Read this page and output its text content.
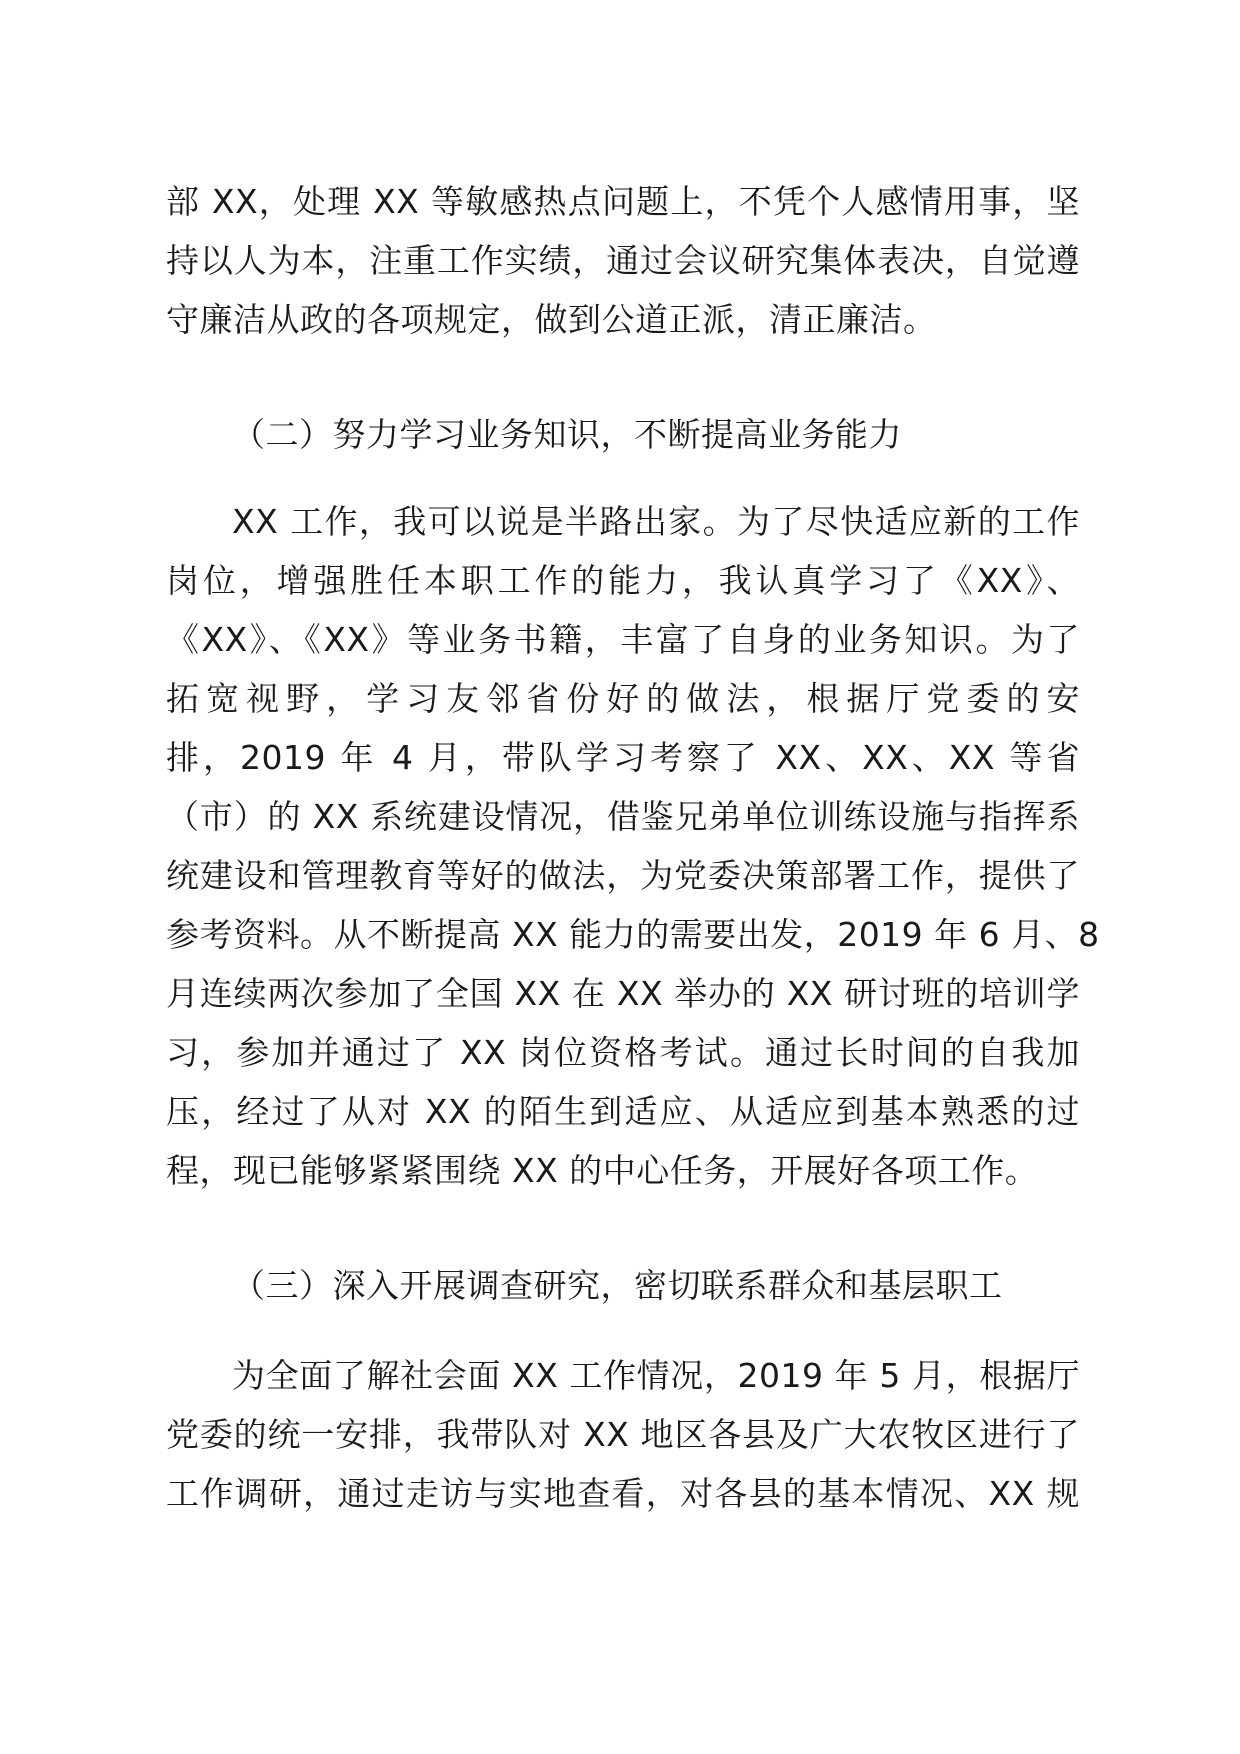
部 XX，处理 XX 等敏感热点问题上，不凭个人感情用事，坚
持以人为本，注重工作实绩，通过会议研究集体表决，自觉遵
守廉洁从政的各项规定，做到公道正派，清正廉洁。
（二）努力学习业务知识，不断提高业务能力
XX 工作，我可以说是半路出家。为了尽快适应新的工作
岗位，增强胜任本职工作的能力，我认真学习了《XX》、
《XX》、《XX》等业务书籍，丰富了自身的业务知识。为了
拓宽视野，学习友邻省份好的做法，根据厅党委的安
排，2019 年 4 月，带队学习考察了 XX、XX、XX 等省
（市）的 XX 系统建设情况，借鉴兄弟单位训练设施与指挥系
统建设和管理教育等好的做法，为党委决策部署工作，提供了
参考资料。从不断提高 XX 能力的需要出发，2019 年 6 月、8
月连续两次参加了全国 XX 在 XX 举办的 XX 研讨班的培训学
习，参加并通过了 XX 岗位资格考试。通过长时间的自我加
压，经过了从对 XX 的陌生到适应、从适应到基本熟悉的过
程，现已能够紧紧围绕 XX 的中心任务，开展好各项工作。
（三）深入开展调查研究，密切联系群众和基层职工
为全面了解社会面 XX 工作情况，2019 年 5 月，根据厅
党委的统一安排，我带队对 XX 地区各县及广大农牧区进行了
工作调研，通过走访与实地查看，对各县的基本情况、XX 规
